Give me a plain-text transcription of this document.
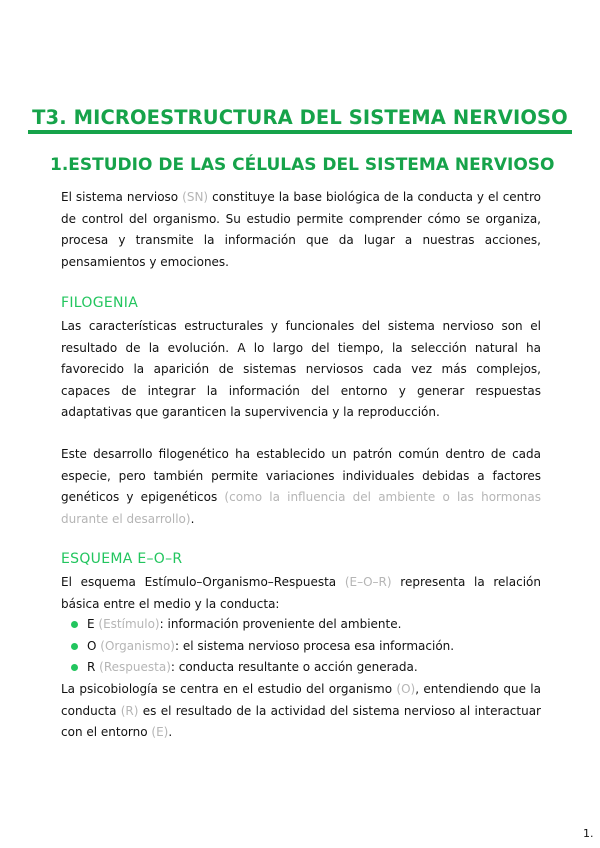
T3. MICROESTRUCTURA DEL SISTEMA NERVIOSO
1.ESTUDIO DE LAS CÉLULAS DEL SISTEMA NERVIOSO
El sistema nervioso (SN) constituye la base biológica de la conducta y el centro de control del organismo. Su estudio permite comprender cómo se organiza, procesa y transmite la información que da lugar a nuestras acciones, pensamientos y emociones.
FILOGENIA
Las características estructurales y funcionales del sistema nervioso son el resultado de la evolución. A lo largo del tiempo, la selección natural ha favorecido la aparición de sistemas nerviosos cada vez más complejos, capaces de integrar la información del entorno y generar respuestas adaptativas que garanticen la supervivencia y la reproducción.
Este desarrollo filogenético ha establecido un patrón común dentro de cada especie, pero también permite variaciones individuales debidas a factores genéticos y epigenéticos (como la influencia del ambiente o las hormonas durante el desarrollo).
ESQUEMA E–O–R
El esquema Estímulo–Organismo–Respuesta (E–O–R) representa la relación básica entre el medio y la conducta:
E (Estímulo): información proveniente del ambiente.
O (Organismo): el sistema nervioso procesa esa información.
R (Respuesta): conducta resultante o acción generada.
La psicobiología se centra en el estudio del organismo (O), entendiendo que la conducta (R) es el resultado de la actividad del sistema nervioso al interactuar con el entorno (E).
1.
